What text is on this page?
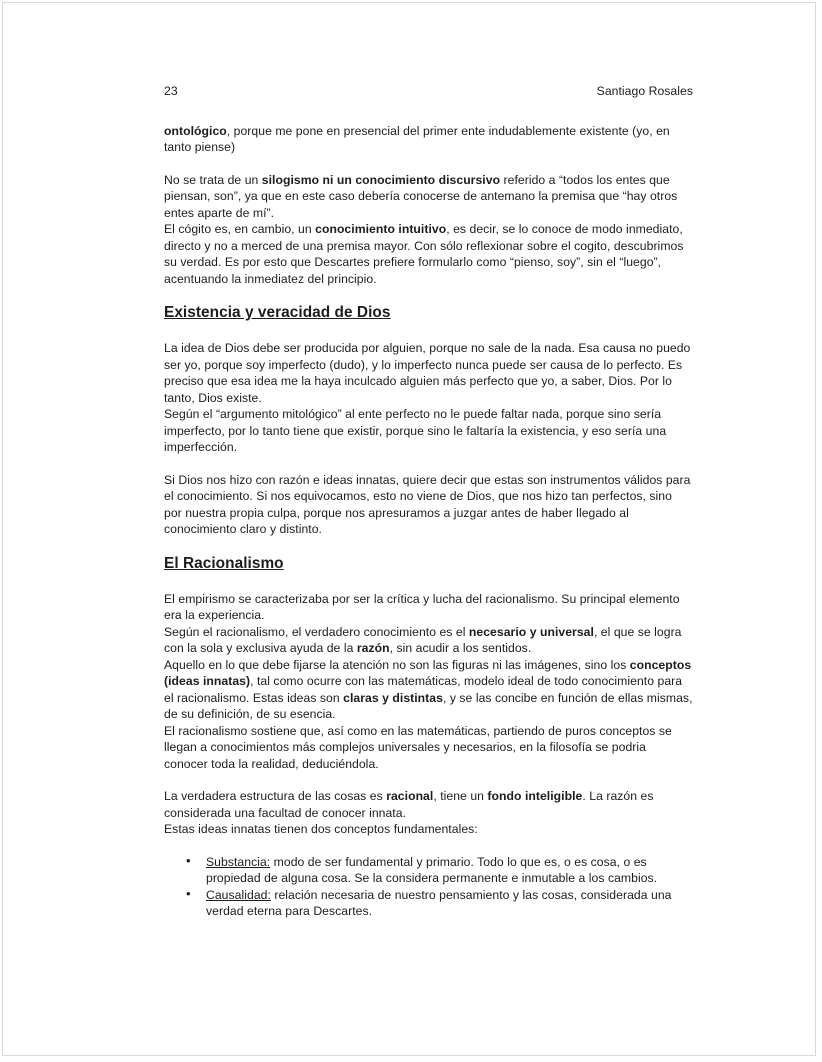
23	Santiago Rosales

ontológico, porque me pone en presencial del primer ente indudablemente existente (yo, en tanto piense)

No se trata de un silogismo ni un conocimiento discursivo referido a “todos los entes que piensan, son”, ya que en este caso debería conocerse de antemano la premisa que “hay otros entes aparte de mí”.
El cógito es, en cambio, un conocimiento intuitivo, es decir, se lo conoce de modo inmediato, directo y no a merced de una premisa mayor. Con sólo reflexionar sobre el cogito, descubrimos su verdad. Es por esto que Descartes prefiere formularlo como “pienso, soy”, sin el “luego”, acentuando la inmediatez del principio.

Existencia y veracidad de Dios

La idea de Dios debe ser producida por alguien, porque no sale de la nada. Esa causa no puedo ser yo, porque soy imperfecto (dudo), y lo imperfecto nunca puede ser causa de lo perfecto. Es preciso que esa idea me la haya inculcado alguien más perfecto que yo, a saber, Dios. Por lo tanto, Dios existe.
Según el “argumento mitológico” al ente perfecto no le puede faltar nada, porque sino sería imperfecto, por lo tanto tiene que existir, porque sino le faltaría la existencia, y eso sería una imperfección.

Si Dios nos hizo con razón e ideas innatas, quiere decir que estas son instrumentos válidos para el conocimiento. Si nos equivocamos, esto no viene de Dios, que nos hizo tan perfectos, sino por nuestra propia culpa, porque nos apresuramos a juzgar antes de haber llegado al conocimiento claro y distinto.

El Racionalismo

El empirismo se caracterizaba por ser la crítica y lucha del racionalismo. Su principal elemento era la experiencia.
Según el racionalismo, el verdadero conocimiento es el necesario y universal, el que se logra con la sola y exclusiva ayuda de la razón, sin acudir a los sentidos.
Aquello en lo que debe fijarse la atención no son las figuras ni las imágenes, sino los conceptos (ideas innatas), tal como ocurre con las matemáticas, modelo ideal de todo conocimiento para el racionalismo. Estas ideas son claras y distintas, y se las concibe en función de ellas mismas, de su definición, de su esencia.
El racionalismo sostiene que, así como en las matemáticas, partiendo de puros conceptos se llegan a conocimientos más complejos universales y necesarios, en la filosofía se podria conocer toda la realidad, deduciéndola.

La verdadera estructura de las cosas es racional, tiene un fondo inteligible. La razón es considerada una facultad de conocer innata.
Estas ideas innatas tienen dos conceptos fundamentales:

• Substancia: modo de ser fundamental y primario. Todo lo que es, o es cosa, o es propiedad de alguna cosa. Se la considera permanente e inmutable a los cambios.
• Causalidad: relación necesaria de nuestro pensamiento y las cosas, considerada una verdad eterna para Descartes.
